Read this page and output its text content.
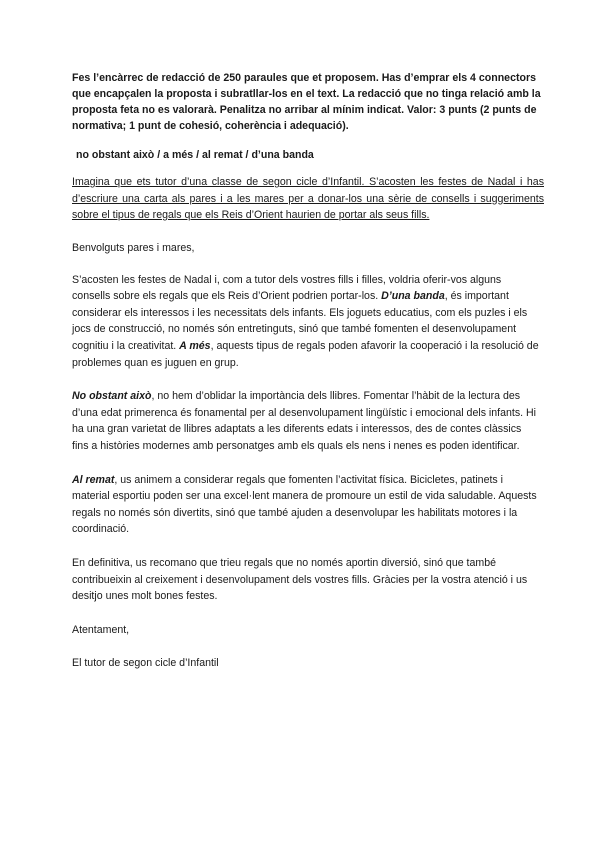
Fes l’encàrrec de redacció de 250 paraules que et proposem. Has d’emprar els 4 connectors que encapçalen la proposta i subratllar-los en el text. La redacció que no tinga relació amb la proposta feta no es valorarà. Penalitza no arribar al mínim indicat. Valor: 3 punts (2 punts de normativa; 1 punt de cohesió, coherència i adequació).

no obstant això / a més / al remat / d’una banda
Imagina que ets tutor d’una classe de segon cicle d’Infantil. S’acosten les festes de Nadal i has d’escriure una carta als pares i a les mares per a donar-los una sèrie de consells i suggeriments sobre el tipus de regals que els Reis d’Orient haurien de portar als seus fills.

Benvolguts pares i mares,

S’acosten les festes de Nadal i, com a tutor dels vostres fills i filles, voldria oferir-vos alguns consells sobre els regals que els Reis d’Orient podrien portar-los. D’una banda, és important considerar els interessos i les necessitats dels infants. Els joguets educatius, com els puzles i els jocs de construcció, no només són entretinguts, sinó que també fomenten el desenvolupament cognitiu i la creativitat. A més, aquests tipus de regals poden afavorir la cooperació i la resolució de problemes quan es juguen en grup.

No obstant això, no hem d’oblidar la importància dels llibres. Fomentar l’hàbit de la lectura des d’una edat primerenca és fonamental per al desenvolupament lingüístic i emocional dels infants. Hi ha una gran varietat de llibres adaptats a les diferents edats i interessos, des de contes clàssics fins a històries modernes amb personatges amb els quals els nens i nenes es poden identificar.

Al remat, us animem a considerar regals que fomenten l’activitat física. Bicicletes, patinets i material esportiu poden ser una excel·lent manera de promoure un estil de vida saludable. Aquests regals no només són divertits, sinó que també ajuden a desenvolupar les habilitats motores i la coordinació.

En definitiva, us recomano que trieu regals que no només aportin diversió, sinó que també contribueixin al creixement i desenvolupament dels vostres fills. Gràcies per la vostra atenció i us desitjo unes molt bones festes.

Atentament,

El tutor de segon cicle d’Infantil
